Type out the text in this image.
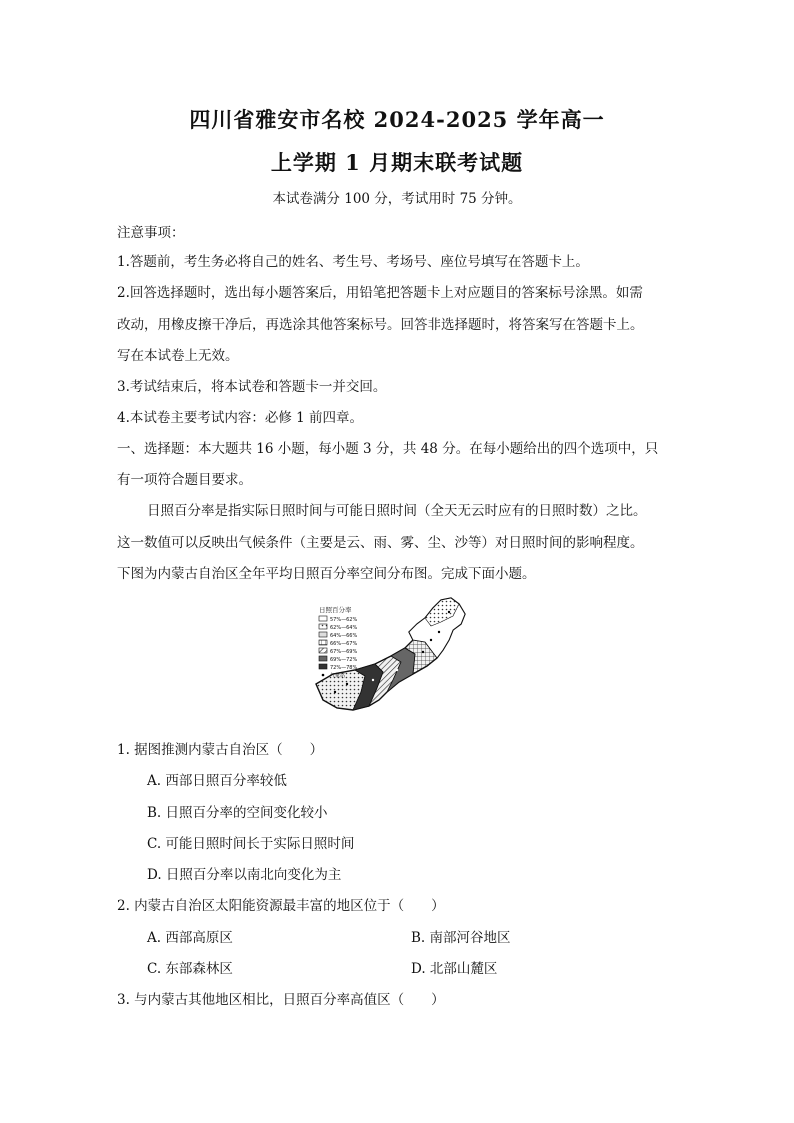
四川省雅安市名校 2024-2025 学年高一
上学期 1 月期末联考试题
本试卷满分 100 分，考试用时 75 分钟。
注意事项：
1.答题前，考生务必将自己的姓名、考生号、考场号、座位号填写在答题卡上。
2.回答选择题时，选出每小题答案后，用铅笔把答题卡上对应题目的答案标号涂黑。如需
改动，用橡皮擦干净后，再选涂其他答案标号。回答非选择题时，将答案写在答题卡上。
写在本试卷上无效。
3.考试结束后，将本试卷和答题卡一并交回。
4.本试卷主要考试内容：必修 1 前四章。
一、选择题：本大题共 16 小题，每小题 3 分，共 48 分。在每小题给出的四个选项中，只
有一项符合题目要求。
日照百分率是指实际日照时间与可能日照时间（全天无云时应有的日照时数）之比。
这一数值可以反映出气候条件（主要是云、雨、雾、尘、沙等）对日照时间的影响程度。
下图为内蒙古自治区全年平均日照百分率空间分布图。完成下面小题。
日照百分率
57%—62%
62%—64%
64%—66%
66%—67%
67%—69%
69%—72%
72%—78%
气象站
1. 据图推测内蒙古自治区（　　）
A. 西部日照百分率较低
B. 日照百分率的空间变化较小
C. 可能日照时间长于实际日照时间
D. 日照百分率以南北向变化为主
2. 内蒙古自治区太阳能资源最丰富的地区位于（　　）
A. 西部高原区	B. 南部河谷地区
C. 东部森林区	D. 北部山麓区
3. 与内蒙古其他地区相比，日照百分率高值区（　　）
